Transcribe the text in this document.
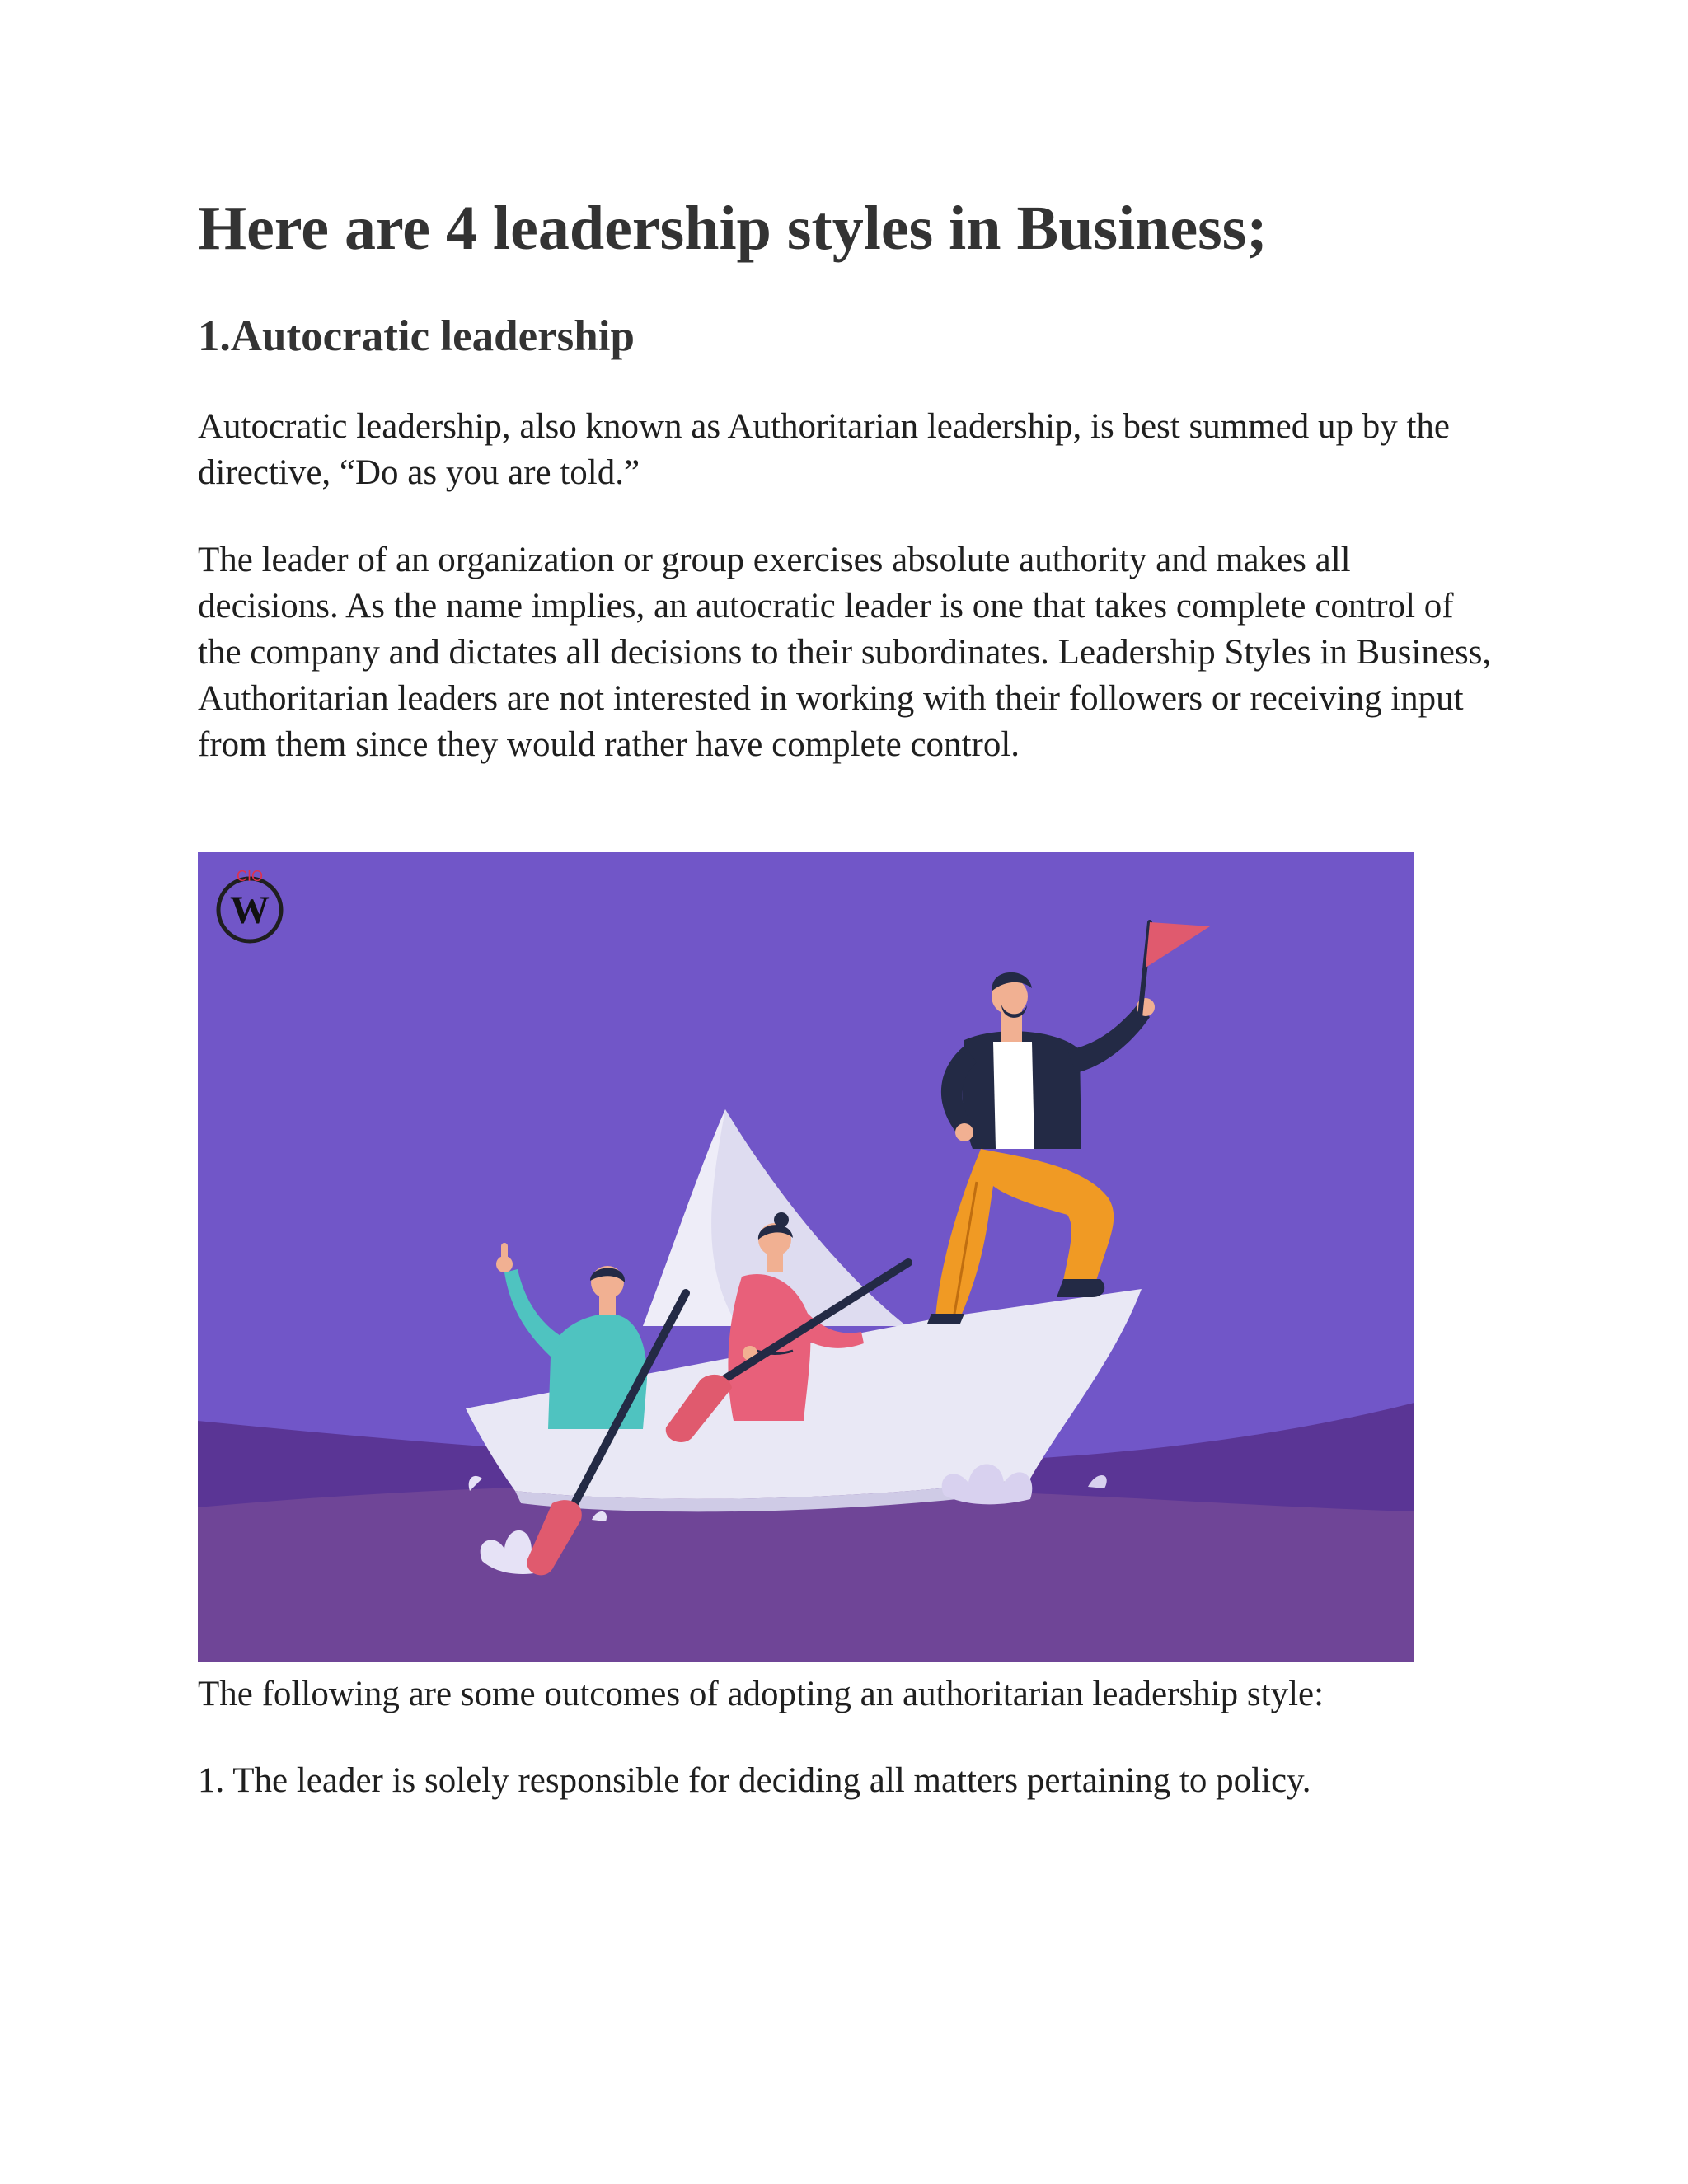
Here are 4 leadership styles in Business;
1.Autocratic leadership

Autocratic leadership, also known as Authoritarian leadership, is best summed up by the directive, “Do as you are told.”

The leader of an organization or group exercises absolute authority and makes all decisions. As the name implies, an autocratic leader is one that takes complete control of the company and dictates all decisions to their subordinates. Leadership Styles in Business, Authoritarian leaders are not interested in working with their followers or receiving input from them since they would rather have complete control.

CIO
W

The following are some outcomes of adopting an authoritarian leadership style:

1. The leader is solely responsible for deciding all matters pertaining to policy.
